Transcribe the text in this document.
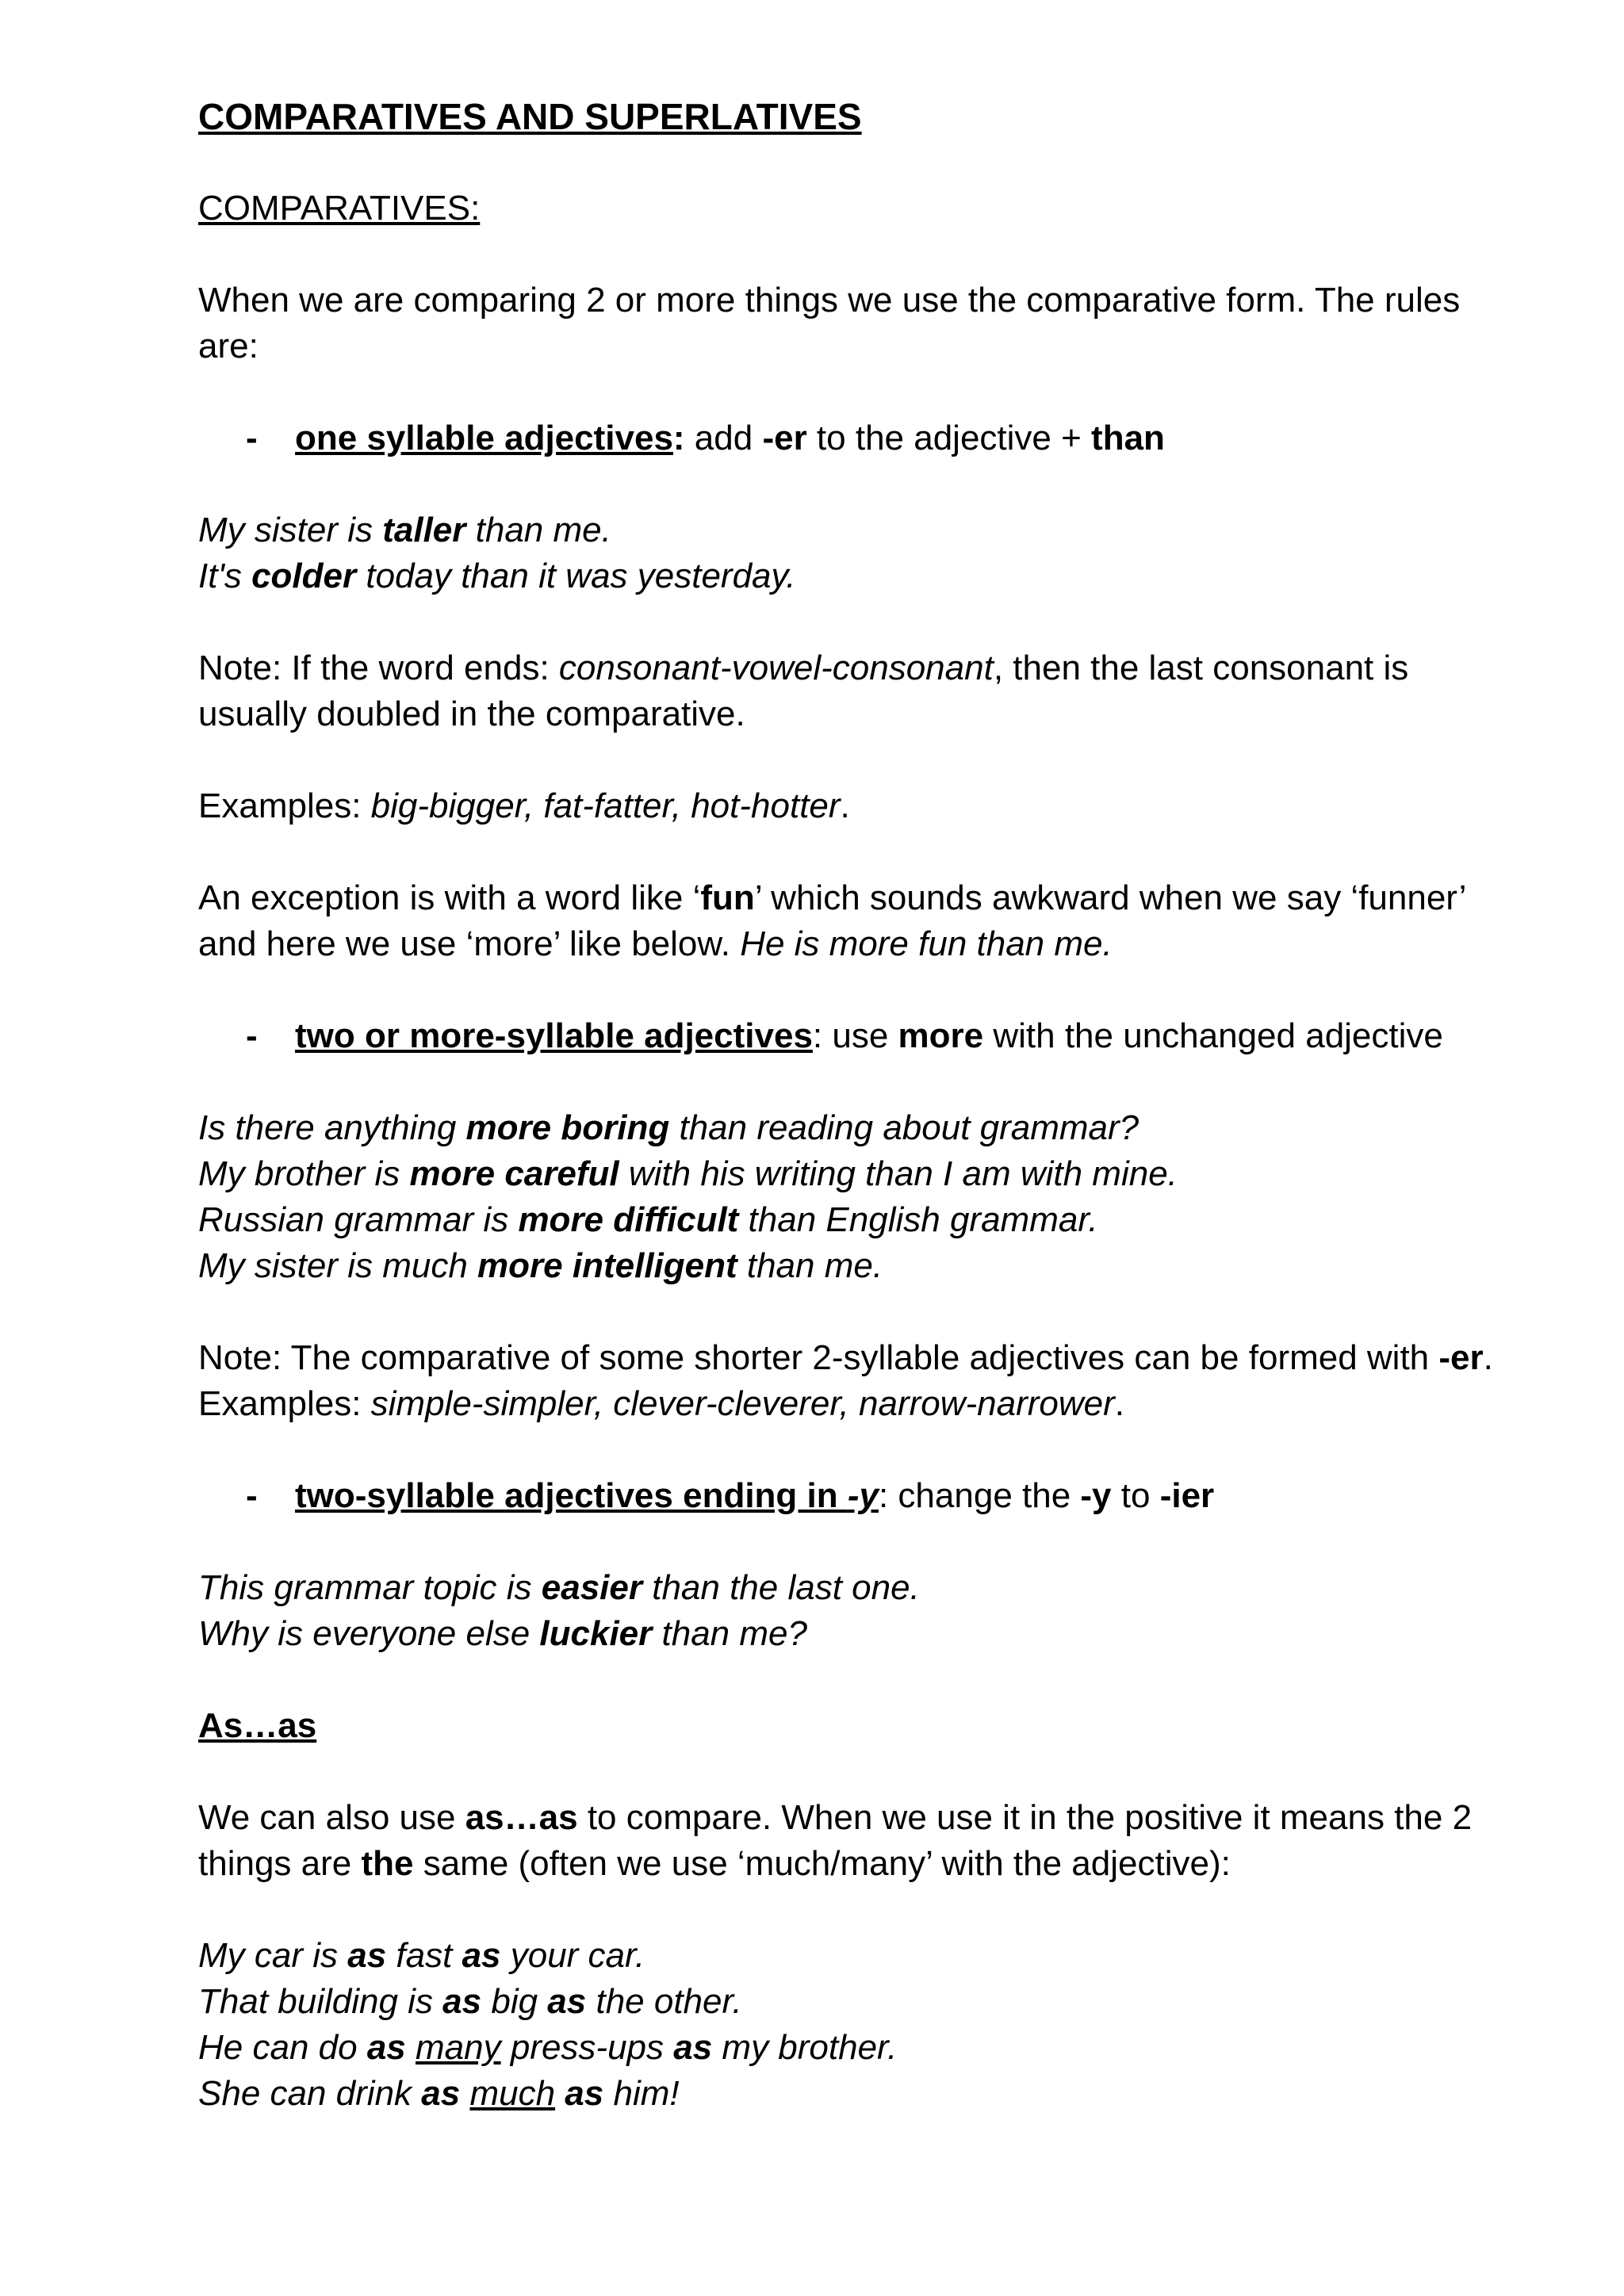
COMPARATIVES AND SUPERLATIVES
COMPARATIVES:

When we are comparing 2 or more things we use the comparative form. The rules are:

-	one syllable adjectives: add -er to the adjective + than
My sister is taller than me.
It's colder today than it was yesterday.

Note: If the word ends: consonant-vowel-consonant, then the last consonant is usually doubled in the comparative.

Examples: big-bigger, fat-fatter, hot-hotter.

An exception is with a word like ‘fun’ which sounds awkward when we say ‘funner’ and here we use ‘more’ like below. He is more fun than me.

-	two or more-syllable adjectives: use more with the unchanged adjective
Is there anything more boring than reading about grammar?
My brother is more careful with his writing than I am with mine.
Russian grammar is more difficult than English grammar.
My sister is much more intelligent than me.

Note: The comparative of some shorter 2-syllable adjectives can be formed with -er. Examples: simple-simpler, clever-cleverer, narrow-narrower.

-	two-syllable adjectives ending in -y: change the -y to -ier
This grammar topic is easier than the last one.
Why is everyone else luckier than me?

As…as

We can also use as…as to compare. When we use it in the positive it means the 2 things are the same (often we use ‘much/many’ with the adjective):

My car is as fast as your car.
That building is as big as the other.
He can do as many press-ups as my brother.
She can drink as much as him!
